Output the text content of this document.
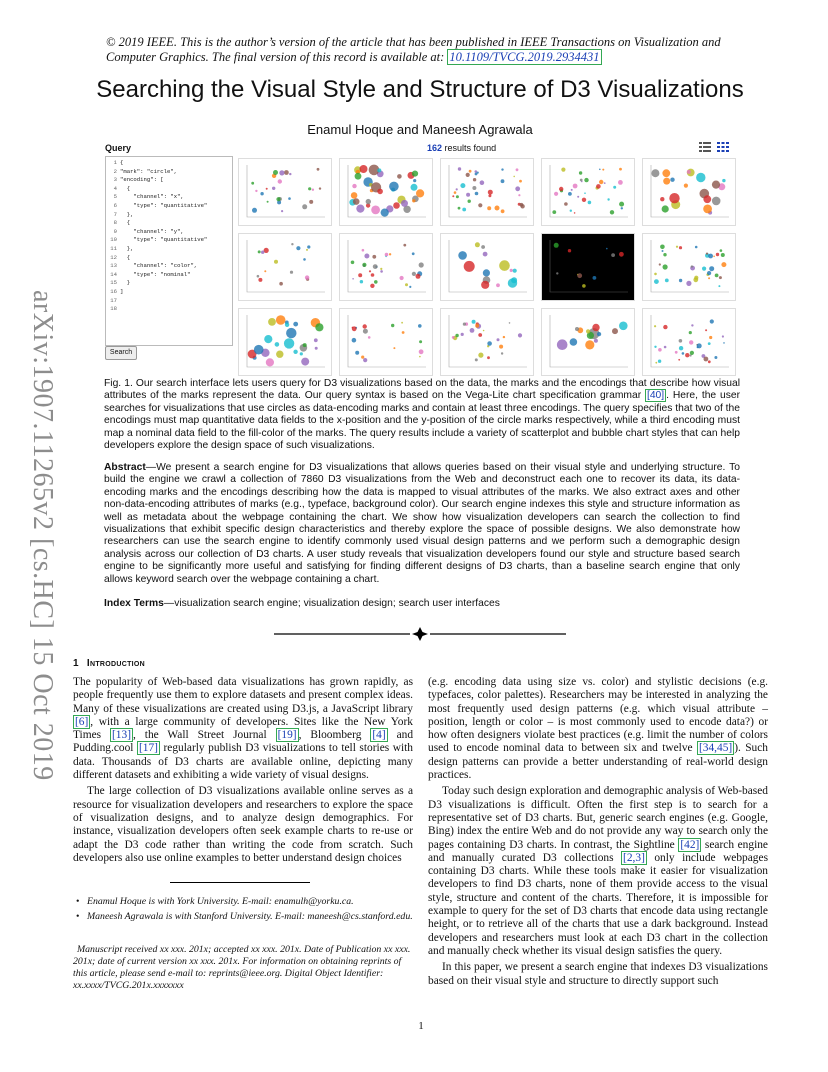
arXiv:1907.11265v2 [cs.HC] 15 Oct 2019
© 2019 IEEE. This is the author’s version of the article that has been published in IEEE Transactions on Visualization and Computer Graphics. The final version of this record is available at: 10.1109/TVCG.2019.2934431
Searching the Visual Style and Structure of D3 Visualizations
Enamul Hoque and Maneesh Agrawala
Query	162 results found
1 {
2 "mark": "circle",
3 "encoding": [
4 {
5 "channel": "x",
6 "type": "quantitative"
7 },
8 {
9 "channel": "y",
10 "type": "quantitative"
11 },
12 {
13 "channel": "color",
14 "type": "nominal"
15 }
16 ]
17
18
Search
Fig. 1. Our search interface lets users query for D3 visualizations based on the data, the marks and the encodings that describe how visual attributes of the marks represent the data. Our query syntax is based on the Vega-Lite chart specification grammar [40] . Here, the user searches for visualizations that use circles as data-encoding marks and contain at least three encodings. The query specifies that two of the encodings must map quantitative data fields to the x-position and the y-position of the circle marks respectively, while a third encoding must map a nominal data field to the fill-color of the marks. The query results include a variety of scatterplot and bubble chart styles that can help developers explore the design space of such visualizations.
Abstract—We present a search engine for D3 visualizations that allows queries based on their visual style and underlying structure. To build the engine we crawl a collection of 7860 D3 visualizations from the Web and deconstruct each one to recover its data, its data-encoding marks and the encodings describing how the data is mapped to visual attributes of the marks. We also extract axes and other non-data-encoding attributes of marks (e.g., typeface, background color). Our search engine indexes this style and structure information as well as metadata about the webpage containing the chart. We show how visualization developers can search the collection to find visualizations that exhibit specific design characteristics and thereby explore the space of possible designs. We also demonstrate how researchers can use the search engine to identify commonly used visual design patterns and we perform such a demographic design analysis across our collection of D3 charts. A user study reveals that visualization developers found our style and structure based search engine to be significantly more useful and satisfying for finding different designs of D3 charts, than a baseline search engine that only allows keyword search over the webpage containing a chart.
Index Terms—visualization search engine; visualization design; search user interfaces
1 Introduction

The popularity of Web-based data visualizations has grown rapidly, as people frequently use them to explore datasets and present complex ideas. Many of these visualizations are created using D3.js, a JavaScript library [6] , with a large community of developers. Sites like the New York Times [13] , the Wall Street Journal [19] , Bloomberg [4] and Pudding.cool [17] regularly publish D3 visualizations to tell stories with data. Thousands of D3 charts are available online, depicting many different datasets and exhibiting a wide variety of visual designs.

The large collection of D3 visualizations available online serves as a resource for visualization developers and researchers to explore the space of visualization designs, and to analyze design demographics. For instance, visualization developers often seek example charts to re-use or adapt the D3 code rather than writing the code from scratch. Such developers also use online examples to better understand design choices

(e.g. encoding data using size vs. color) and stylistic decisions (e.g. typefaces, color palettes). Researchers may be interested in analyzing the most frequently used design patterns (e.g. which visual attribute – position, length or color – is most commonly used to encode data?) or how often designers violate best practices (e.g. limit the number of colors used to encode nominal data to between six and twelve [34,45] ). Such design patterns can provide a better understanding of real-world design practices.

Today such design exploration and demographic analysis of Web-based D3 visualizations is difficult. Often the first step is to search for a representative set of D3 charts. But, generic search engines (e.g. Google, Bing) index the entire Web and do not provide any way to search only the pages containing D3 charts. In contrast, the Sightline [42] search engine and manually curated D3 collections [2,3] only include webpages containing D3 charts. While these tools make it easier for visualization developers to find D3 charts, none of them provide access to the visual style, structure and content of the charts. Therefore, it is impossible for example to query for the set of D3 charts that encode data using rectangle height, or to retrieve all of the charts that use a dark background. Instead developers and researchers must look at each D3 chart in the collection and manually check whether its visual design satisfies the query.

In this paper, we present a search engine that indexes D3 visualizations based on their visual style and structure to directly support such

• Enamul Hoque is with York University. E-mail: enamulh@yorku.ca.
• Maneesh Agrawala is with Stanford University. E-mail: maneesh@cs.stanford.edu.
Manuscript received xx xxx. 201x; accepted xx xxx. 201x. Date of Publication xx xxx. 201x; date of current version xx xxx. 201x. For information on obtaining reprints of this article, please send e-mail to: reprints@ieee.org. Digital Object Identifier: xx.xxxx/TVCG.201x.xxxxxxx
1
